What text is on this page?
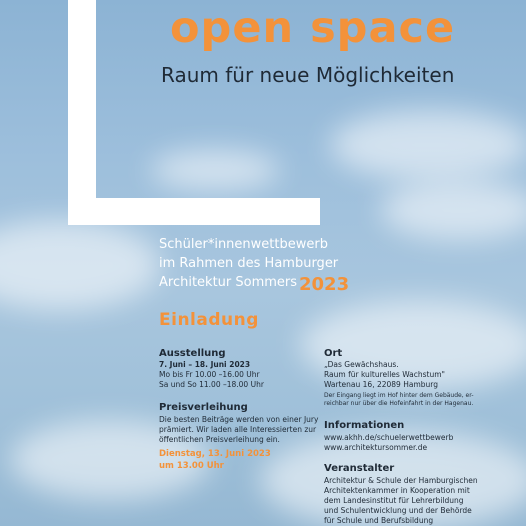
open space
Raum für neue Möglichkeiten
Schüler*innenwettbewerb
im Rahmen des Hamburger
Architektur Sommers 2023
Einladung
Ausstellung
7. Juni – 18. Juni 2023
Mo bis Fr 10.00 –16.00 Uhr
Sa und So 11.00 –18.00 Uhr
Preisverleihung
Die besten Beiträge werden von einer Jury
prämiert. Wir laden alle Interessierten zur
öffentlichen Preisverleihung ein.
Dienstag, 13. Juni 2023
um 13.00 Uhr
Ort
„Das Gewächshaus.
Raum für kulturelles Wachstum"
Wartenau 16, 22089 Hamburg
Der Eingang liegt im Hof hinter dem Gebäude, er-
reichbar nur über die Hofeinfahrt in der Hagenau.
Informationen
www.akhh.de/schuelerwettbewerb
www.architektursommer.de
Veranstalter
Architektur & Schule der Hamburgischen
Architektenkammer in Kooperation mit
dem Landesinstitut für Lehrerbildung
und Schulentwicklung und der Behörde
für Schule und Berufsbildung
